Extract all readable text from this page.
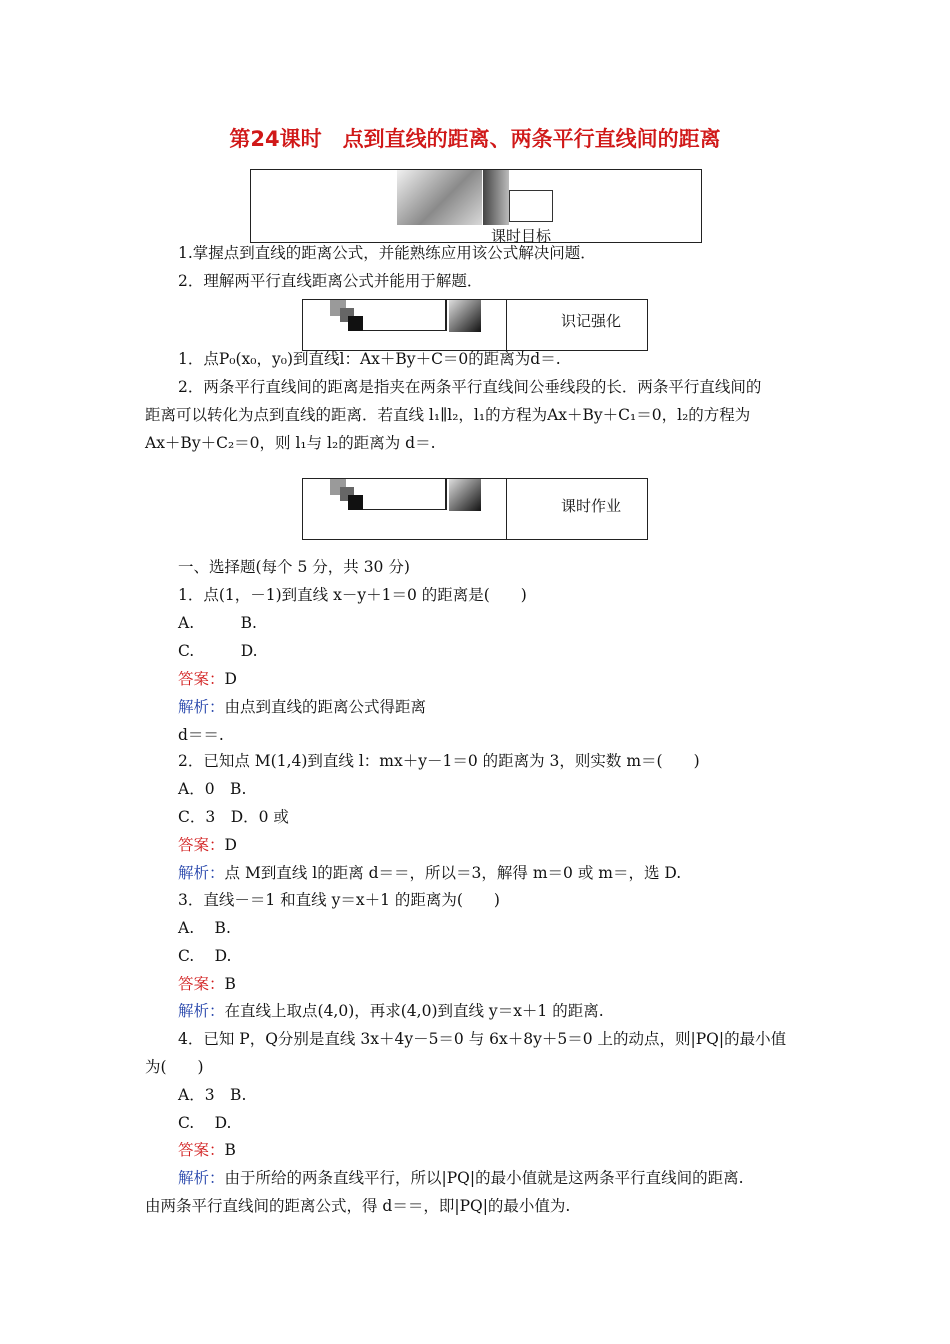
第24课时　点到直线的距离、两条平行直线间的距离
课时目标
1.掌握点到直线的距离公式，并能熟练应用该公式解决问题．
2．理解两平行直线距离公式并能用于解题．
识记强化
1．点P₀(x₀，y₀)到直线l：Ax＋By＋C＝0的距离为d＝.
2．两条平行直线间的距离是指夹在两条平行直线间公垂线段的长．两条平行直线间的
距离可以转化为点到直线的距离．若直线 l₁∥l₂，l₁的方程为Ax＋By＋C₁＝0，l₂的方程为
Ax＋By＋C₂＝0，则 l₁与 l₂的距离为 d＝.
课时作业
一、选择题(每个 5 分，共 30 分)
1．点(1，－1)到直线 x－y＋1＝0 的距离是(　　)
A.　　　B.
C.　　　D.
答案：D
解析：由点到直线的距离公式得距离
d＝＝.
2．已知点 M(1,4)到直线 l：mx＋y－1＝0 的距离为 3，则实数 m＝(　　)
A．0　B.
C．3　D．0 或
答案：D
解析：点 M到直线 l的距离 d＝＝，所以＝3，解得 m＝0 或 m＝，选 D.
3．直线－＝1 和直线 y＝x＋1 的距离为(　　)
A.　 B.
C.　 D.
答案：B
解析：在直线上取点(4,0)，再求(4,0)到直线 y＝x＋1 的距离.
4．已知 P，Q分别是直线 3x＋4y－5＝0 与 6x＋8y＋5＝0 上的动点，则|PQ|的最小值
为(　　)
A．3　B.
C.　 D.
答案：B
解析：由于所给的两条直线平行，所以|PQ|的最小值就是这两条平行直线间的距离.
由两条平行直线间的距离公式，得 d＝＝，即|PQ|的最小值为.
